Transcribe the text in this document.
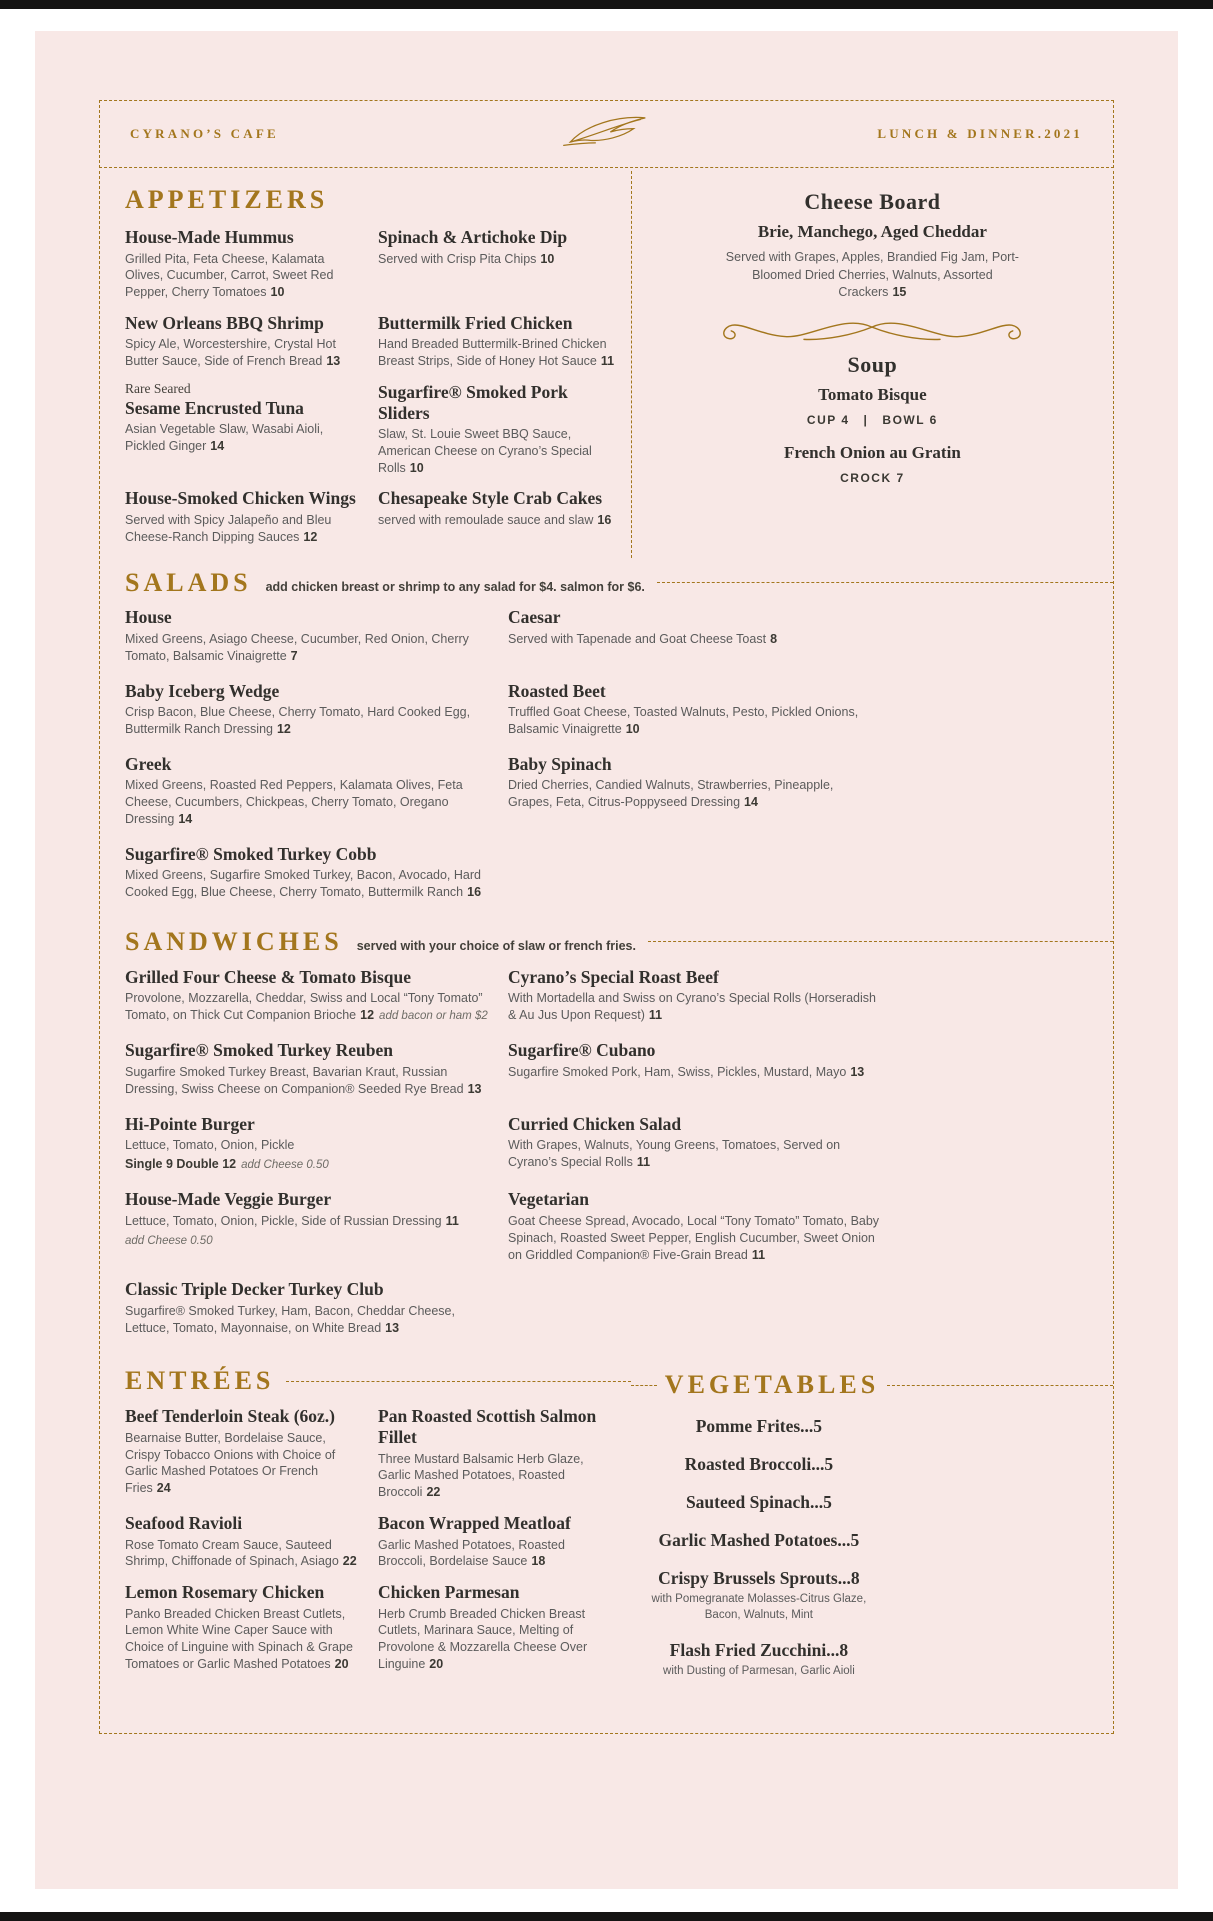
CYRANO’S CAFE	LUNCH & DINNER.2021
APPETIZERS
House-Made Hummus

Grilled Pita, Feta Cheese, Kalamata Olives, Cucumber, Carrot, Sweet Red Pepper, Cherry Tomatoes 10

Spinach & Artichoke Dip

Served with Crisp Pita Chips 10

New Orleans BBQ Shrimp

Spicy Ale, Worcestershire, Crystal Hot Butter Sauce, Side of French Bread 13

Buttermilk Fried Chicken

Hand Breaded Buttermilk-Brined Chicken Breast Strips, Side of Honey Hot Sauce 11

Rare Seared
Sesame Encrusted Tuna

Asian Vegetable Slaw, Wasabi Aioli, Pickled Ginger 14

Sugarfire® Smoked Pork Sliders

Slaw, St. Louie Sweet BBQ Sauce, American Cheese on Cyrano’s Special Rolls 10

House-Smoked Chicken Wings

Served with Spicy Jalapeño and Bleu Cheese-Ranch Dipping Sauces 12

Chesapeake Style Crab Cakes

served with remoulade sauce and slaw 16

Cheese Board
Brie, Manchego, Aged Cheddar

Served with Grapes, Apples, Brandied Fig Jam, Port-Bloomed Dried Cherries, Walnuts, Assorted Crackers 15

Soup
Tomato Bisque

CUP 4 | BOWL 6

French Onion au Gratin

CROCK 7

SALADS add chicken breast or shrimp to any salad for $4. salmon for $6.
House

Mixed Greens, Asiago Cheese, Cucumber, Red Onion, Cherry Tomato, Balsamic Vinaigrette 7

Caesar

Served with Tapenade and Goat Cheese Toast 8

Baby Iceberg Wedge

Crisp Bacon, Blue Cheese, Cherry Tomato, Hard Cooked Egg, Buttermilk Ranch Dressing 12

Roasted Beet

Truffled Goat Cheese, Toasted Walnuts, Pesto, Pickled Onions, Balsamic Vinaigrette 10

Greek

Mixed Greens, Roasted Red Peppers, Kalamata Olives, Feta Cheese, Cucumbers, Chickpeas, Cherry Tomato, Oregano Dressing 14

Baby Spinach

Dried Cherries, Candied Walnuts, Strawberries, Pineapple, Grapes, Feta, Citrus-Poppyseed Dressing 14

Sugarfire® Smoked Turkey Cobb

Mixed Greens, Sugarfire Smoked Turkey, Bacon, Avocado, Hard Cooked Egg, Blue Cheese, Cherry Tomato, Buttermilk Ranch 16

SANDWICHES served with your choice of slaw or french fries.
Grilled Four Cheese & Tomato Bisque

Provolone, Mozzarella, Cheddar, Swiss and Local “Tony Tomato” Tomato, on Thick Cut Companion Brioche 12 add bacon or ham $2

Cyrano’s Special Roast Beef

With Mortadella and Swiss on Cyrano’s Special Rolls (Horseradish & Au Jus Upon Request) 11

Sugarfire® Smoked Turkey Reuben

Sugarfire Smoked Turkey Breast, Bavarian Kraut, Russian Dressing, Swiss Cheese on Companion® Seeded Rye Bread 13

Sugarfire® Cubano

Sugarfire Smoked Pork, Ham, Swiss, Pickles, Mustard, Mayo 13

Hi-Pointe Burger

Lettuce, Tomato, Onion, Pickle

Single 9 Double 12 add Cheese 0.50

Curried Chicken Salad

With Grapes, Walnuts, Young Greens, Tomatoes, Served on Cyrano’s Special Rolls 11

House-Made Veggie Burger

Lettuce, Tomato, Onion, Pickle, Side of Russian Dressing 11

add Cheese 0.50

Vegetarian

Goat Cheese Spread, Avocado, Local “Tony Tomato” Tomato, Baby Spinach, Roasted Sweet Pepper, English Cucumber, Sweet Onion on Griddled Companion® Five-Grain Bread 11

Classic Triple Decker Turkey Club

Sugarfire® Smoked Turkey, Ham, Bacon, Cheddar Cheese, Lettuce, Tomato, Mayonnaise, on White Bread 13

ENTRÉES
Beef Tenderloin Steak (6oz.)

Bearnaise Butter, Bordelaise Sauce, Crispy Tobacco Onions with Choice of Garlic Mashed Potatoes Or French Fries 24

Pan Roasted Scottish Salmon Fillet

Three Mustard Balsamic Herb Glaze, Garlic Mashed Potatoes, Roasted Broccoli 22

Seafood Ravioli

Rose Tomato Cream Sauce, Sauteed Shrimp, Chiffonade of Spinach, Asiago 22

Bacon Wrapped Meatloaf

Garlic Mashed Potatoes, Roasted Broccoli, Bordelaise Sauce 18

Lemon Rosemary Chicken

Panko Breaded Chicken Breast Cutlets, Lemon White Wine Caper Sauce with Choice of Linguine with Spinach & Grape Tomatoes or Garlic Mashed Potatoes 20

Chicken Parmesan

Herb Crumb Breaded Chicken Breast Cutlets, Marinara Sauce, Melting of Provolone & Mozzarella Cheese Over Linguine 20

VEGETABLES
Pomme Frites...5
Roasted Broccoli...5
Sauteed Spinach...5
Garlic Mashed Potatoes...5
Crispy Brussels Sprouts...8

with Pomegranate Molasses-Citrus Glaze, Bacon, Walnuts, Mint

Flash Fried Zucchini...8

with Dusting of Parmesan, Garlic Aioli
